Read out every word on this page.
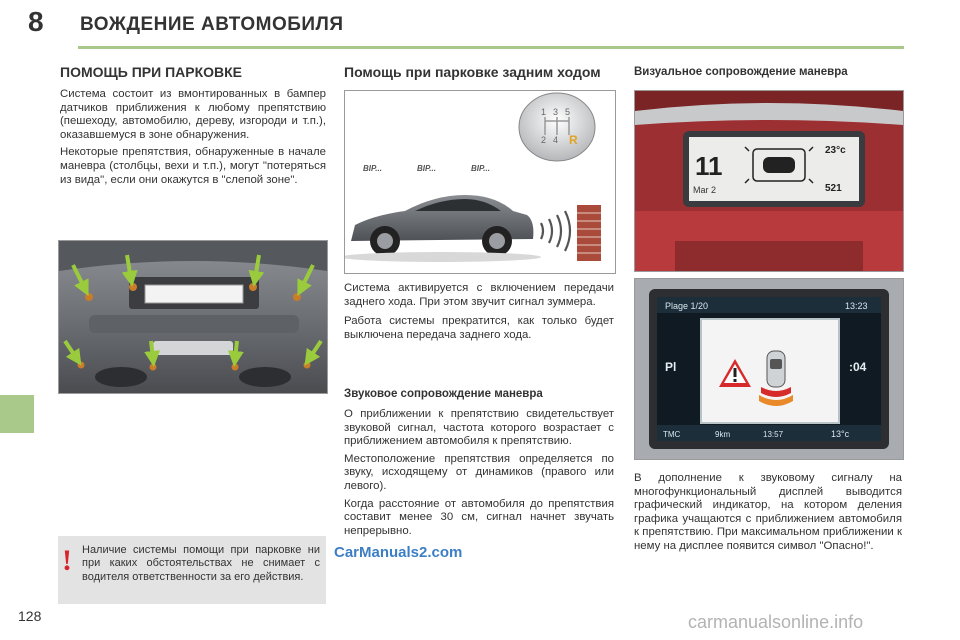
8 ВОЖДЕНИЕ АВТОМОБИЛЯ
ПОМОЩЬ ПРИ ПАРКОВКЕ

Система состоит из вмонтированных в бампер датчиков приближения к любому препятствию (пешеходу, автомобилю, дереву, изгороди и т.п.), оказавшемуся в зоне обнаружения.

Некоторые препятствия, обнаруженные в начале маневра (столбцы, вехи и т.п.), могут "потеряться из вида", если они окажутся в "слепой зоне".

! Наличие системы помощи при парковке ни при каких обстоятельствах не снимает с водителя ответственности за его действия.

Помощь при парковке задним ходом
1 3 5
2 4 R
BIP...	BIP...	BIP...

Система активируется с включением передачи заднего хода. При этом звучит сигнал зуммера.

Работа системы прекратится, как только будет выключена передача заднего хода.

Звуковое сопровождение маневра

О приближении к препятствию свидетельствует звуковой сигнал, частота которого возрастает с приближением автомобиля к препятствию.

Местоположение препятствия определяется по звуку, исходящему от динамиков (правого или левого).

Когда расстояние от автомобиля до препятствия составит менее 30 см, сигнал начнет звучать непрерывно.

CarManuals2.com
Визуальное сопровождение маневра
11
Mar 2
23°c
521
Plage 1/20	13:23
Pl	:04
TMC	9km	13:57	13°c

В дополнение к звуковому сигналу на многофункциональный дисплей выводится графический индикатор, на котором деления графика учащаются с приближением автомобиля к препятствию. При максимальном приближении к нему на дисплее появится символ "Опасно!".

128	carmanualsonline.info
